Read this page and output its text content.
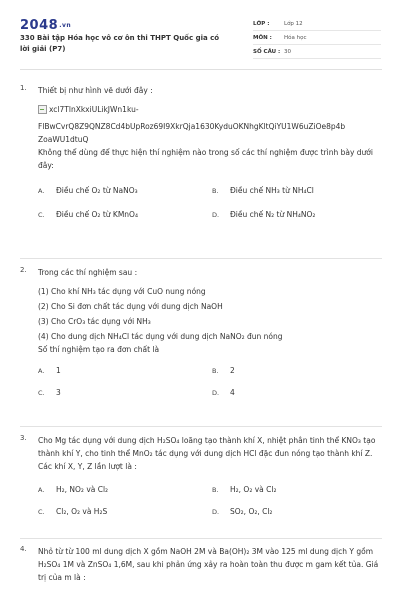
2048.vn
330 Bài tập Hóa học vô cơ ôn thi THPT Quốc gia có lời giải (P7)
LỚP :	Lớp 12
MÔN :	Hóa học
SỐ CÂU : 30
1. Thiết bị như hình vẽ dưới đây :

xcl7TlnXkxiULikJWn1ku-

FlBwCvrQ8Z9QNZ8Cd4bUpRoz69I9XkrQja1630KyduOKNhgKltQiYU1W6uZiOe8p4b

ZoaWU1dtuQ

Không thể dùng để thực hiện thí nghiệm nào trong số các thí nghiệm được trình bày dưới đây:

A. Điều chế O₂ từ NaNO₃	B. Điều chế NH₃ từ NH₄Cl
C. Điều chế O₂ từ KMnO₄	D. Điều chế N₂ từ NH₄NO₂
2. Trong các thí nghiệm sau :

(1) Cho khí NH₃ tác dụng với CuO nung nóng

(2) Cho Si đơn chất tác dụng với dung dịch NaOH

(3) Cho CrO₃ tác dụng với NH₃

(4) Cho dung dịch NH₄Cl tác dụng với dung dịch NaNO₂ đun nóng

Số thí nghiệm tạo ra đơn chất là

A. 1	B. 2
C. 3	D. 4
3. Cho Mg tác dụng với dung dịch H₂SO₄ loãng tạo thành khí X, nhiệt phân tinh thể KNO₃ tạo thành khí Y, cho tinh thể MnO₂ tác dụng với dung dịch HCl đặc đun nóng tạo thành khí Z. Các khí X, Y, Z lần lượt là :

A. H₂, NO₂ và Cl₂	B. H₂, O₂ và Cl₂
C. Cl₂, O₂ và H₂S	D. SO₂, O₂, Cl₂
4. Nhỏ từ từ 100 ml dung dịch X gồm NaOH 2M và Ba(OH)₂ 3M vào 125 ml dung dịch Y gồm H₂SO₄ 1M và ZnSO₄ 1,6M, sau khi phản ứng xảy ra hoàn toàn thu được m gam kết tủa. Giá trị của m là :
